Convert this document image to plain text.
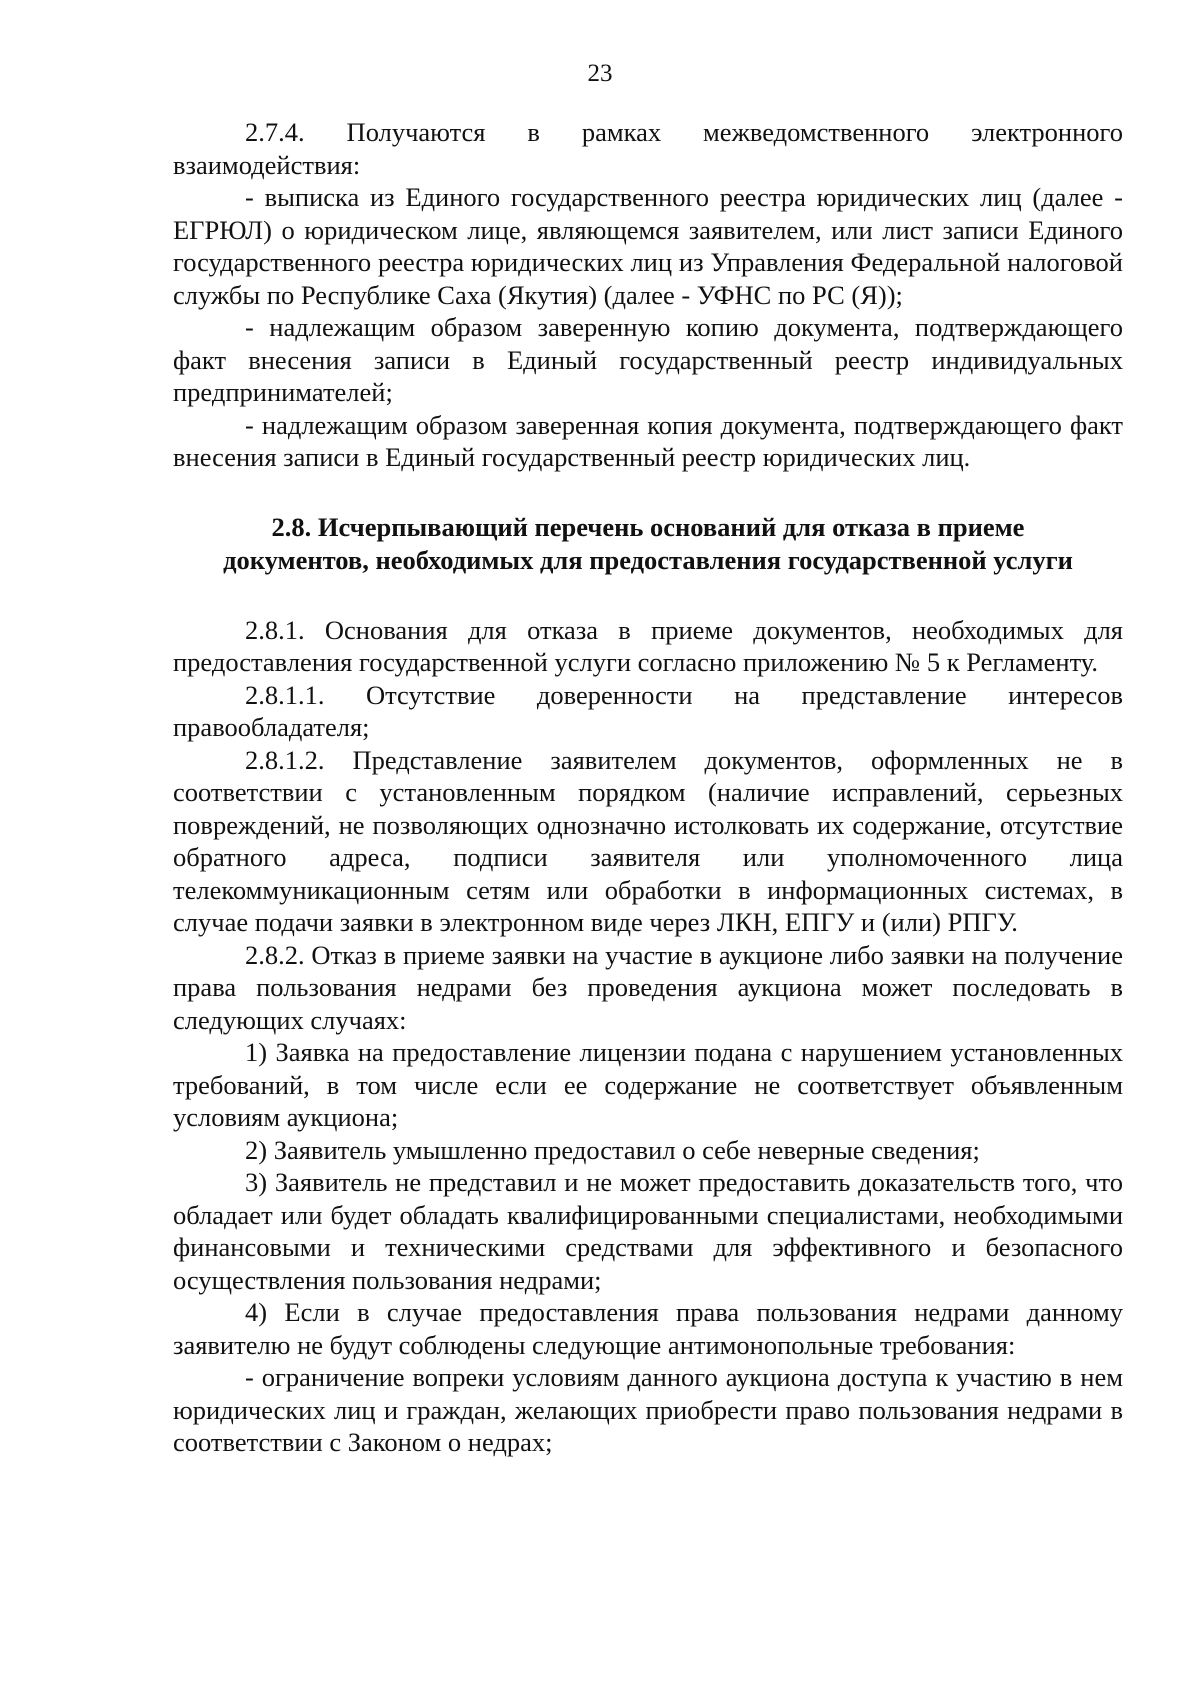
23

2.7.4. Получаются в рамках межведомственного электронного взаимодействия:

- выписка из Единого государственного реестра юридических лиц (далее - ЕГРЮЛ) о юридическом лице, являющемся заявителем, или лист записи Единого государственного реестра юридических лиц из Управления Федеральной налоговой службы по Республике Саха (Якутия) (далее - УФНС по РС (Я));

- надлежащим образом заверенную копию документа, подтверждающего факт внесения записи в Единый государственный реестр индивидуальных предпринимателей;

- надлежащим образом заверенная копия документа, подтверждающего факт внесения записи в Единый государственный реестр юридических лиц.

2.8. Исчерпывающий перечень оснований для отказа в приеме
документов, необходимых для предоставления государственной услуги

2.8.1. Основания для отказа в приеме документов, необходимых для предоставления государственной услуги согласно приложению № 5 к Регламенту.

2.8.1.1. Отсутствие доверенности на представление интересов правообладателя;

2.8.1.2. Представление заявителем документов, оформленных не в соответствии с установленным порядком (наличие исправлений, серьезных повреждений, не позволяющих однозначно истолковать их содержание, отсутствие обратного адреса, подписи заявителя или уполномоченного лица телекоммуникационным сетям или обработки в информационных системах, в случае подачи заявки в электронном виде через ЛКН, ЕПГУ и (или) РПГУ.

2.8.2. Отказ в приеме заявки на участие в аукционе либо заявки на получение права пользования недрами без проведения аукциона может последовать в следующих случаях:

1) Заявка на предоставление лицензии подана с нарушением установленных требований, в том числе если ее содержание не соответствует объявленным условиям аукциона;

2) Заявитель умышленно предоставил о себе неверные сведения;

3) Заявитель не представил и не может предоставить доказательств того, что обладает или будет обладать квалифицированными специалистами, необходимыми финансовыми и техническими средствами для эффективного и безопасного осуществления пользования недрами;

4) Если в случае предоставления права пользования недрами данному заявителю не будут соблюдены следующие антимонопольные требования:

- ограничение вопреки условиям данного аукциона доступа к участию в нем юридических лиц и граждан, желающих приобрести право пользования недрами в соответствии с Законом о недрах;
